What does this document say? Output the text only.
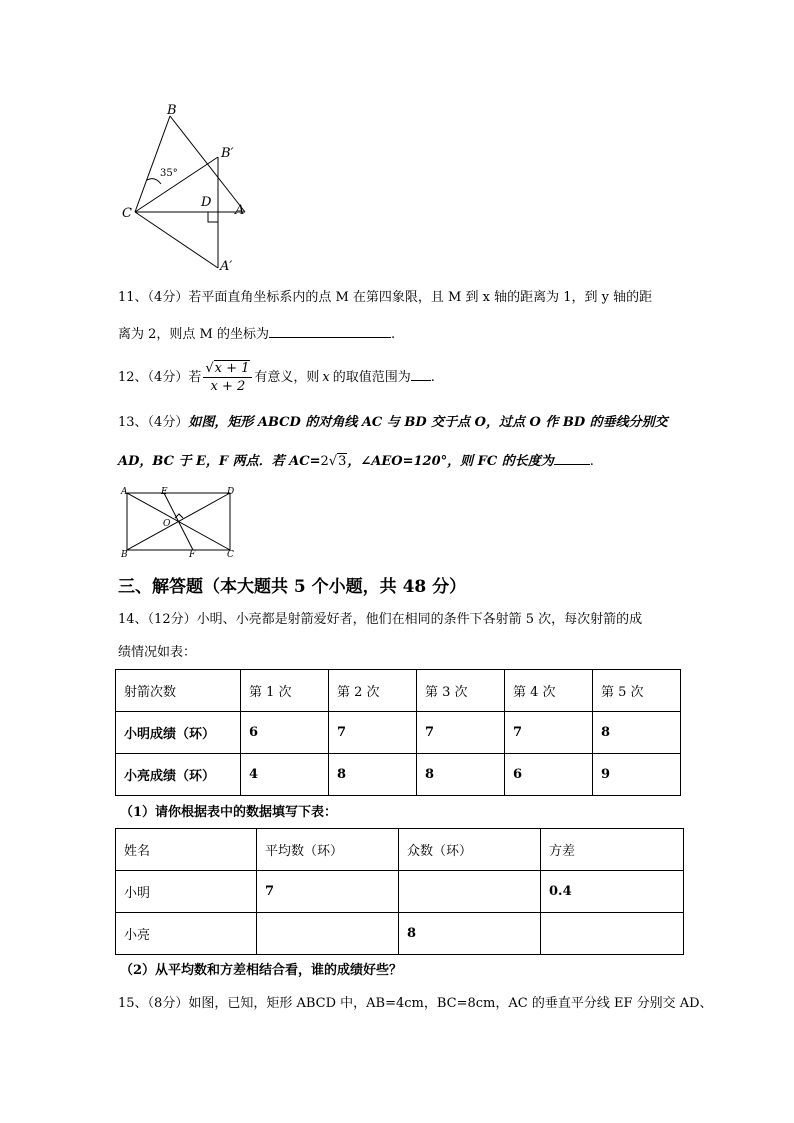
B
B′
C
D
A
A′
35°
11、（4分）若平面直角坐标系内的点 M 在第四象限，且 M 到 x 轴的距离为 1，到 y 轴的距
离为 2，则点 M 的坐标为	.
12、（4分）若 $\frac{√x + 1}{x + 2}$ 有意义，则 x 的取值范围为 .
13、（4分）如图，矩形 ABCD 的对角线 AC 与 BD 交于点 O，过点 O 作 BD 的垂线分别交
AD，BC 于 E，F 两点．若 AC=2√3，∠AEO=120°，则 FC 的长度为	.
A	E	D
O
B	F	C
三、解答题（本大题共 5 个小题，共 48 分）
14、（12分）小明、小亮都是射箭爱好者，他们在相同的条件下各射箭 5 次，每次射箭的成
绩情况如表：
射箭次数	第 1 次	第 2 次	第 3 次	第 4 次	第 5 次
小明成绩（环）	6	7	7	7	8
小亮成绩（环）	4	8	8	6	9
（1）请你根据表中的数据填写下表：
姓名	平均数（环）	众数（环）	方差
小明	7		0.4
小亮		8	
（2）从平均数和方差相结合看，谁的成绩好些？
15、（8分）如图，已知，矩形 ABCD 中，AB=4cm，BC=8cm，AC 的垂直平分线 EF 分别交 AD、
